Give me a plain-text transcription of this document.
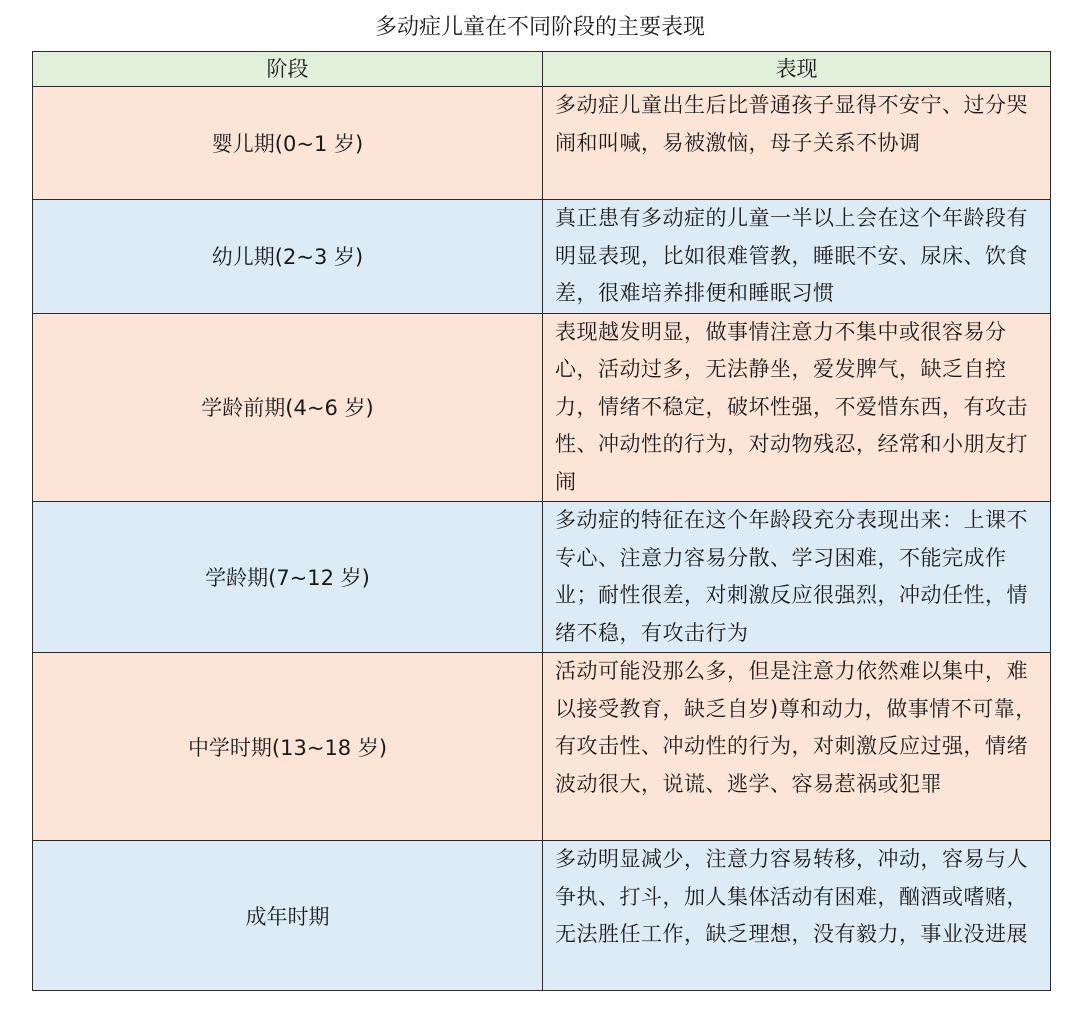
多动症儿童在不同阶段的主要表现
阶段	表现
婴儿期(0~1 岁)	多动症儿童出生后比普通孩子显得不安宁、过分哭闹和叫喊，易被激恼，母子关系不协调
幼儿期(2~3 岁)	真正患有多动症的儿童一半以上会在这个年龄段有明显表现，比如很难管教，睡眠不安、尿床、饮食差，很难培养排便和睡眠习惯
学龄前期(4~6 岁)	表现越发明显，做事情注意力不集中或很容易分心，活动过多，无法静坐，爱发脾气，缺乏自控力，情绪不稳定，破坏性强，不爱惜东西，有攻击性、冲动性的行为，对动物残忍，经常和小朋友打闹
学龄期(7~12 岁)	多动症的特征在这个年龄段充分表现出来：上课不专心、注意力容易分散、学习困难，不能完成作业；耐性很差，对刺激反应很强烈，冲动任性，情绪不稳，有攻击行为
中学时期(13~18 岁)	活动可能没那么多，但是注意力依然难以集中，难以接受教育，缺乏自岁)尊和动力，做事情不可靠，有攻击性、冲动性的行为，对刺激反应过强，情绪波动很大，说谎、逃学、容易惹祸或犯罪
成年时期	多动明显减少，注意力容易转移，冲动，容易与人争执、打斗，加人集体活动有困难，酗酒或嗜赌，无法胜任工作，缺乏理想，没有毅力，事业没进展
